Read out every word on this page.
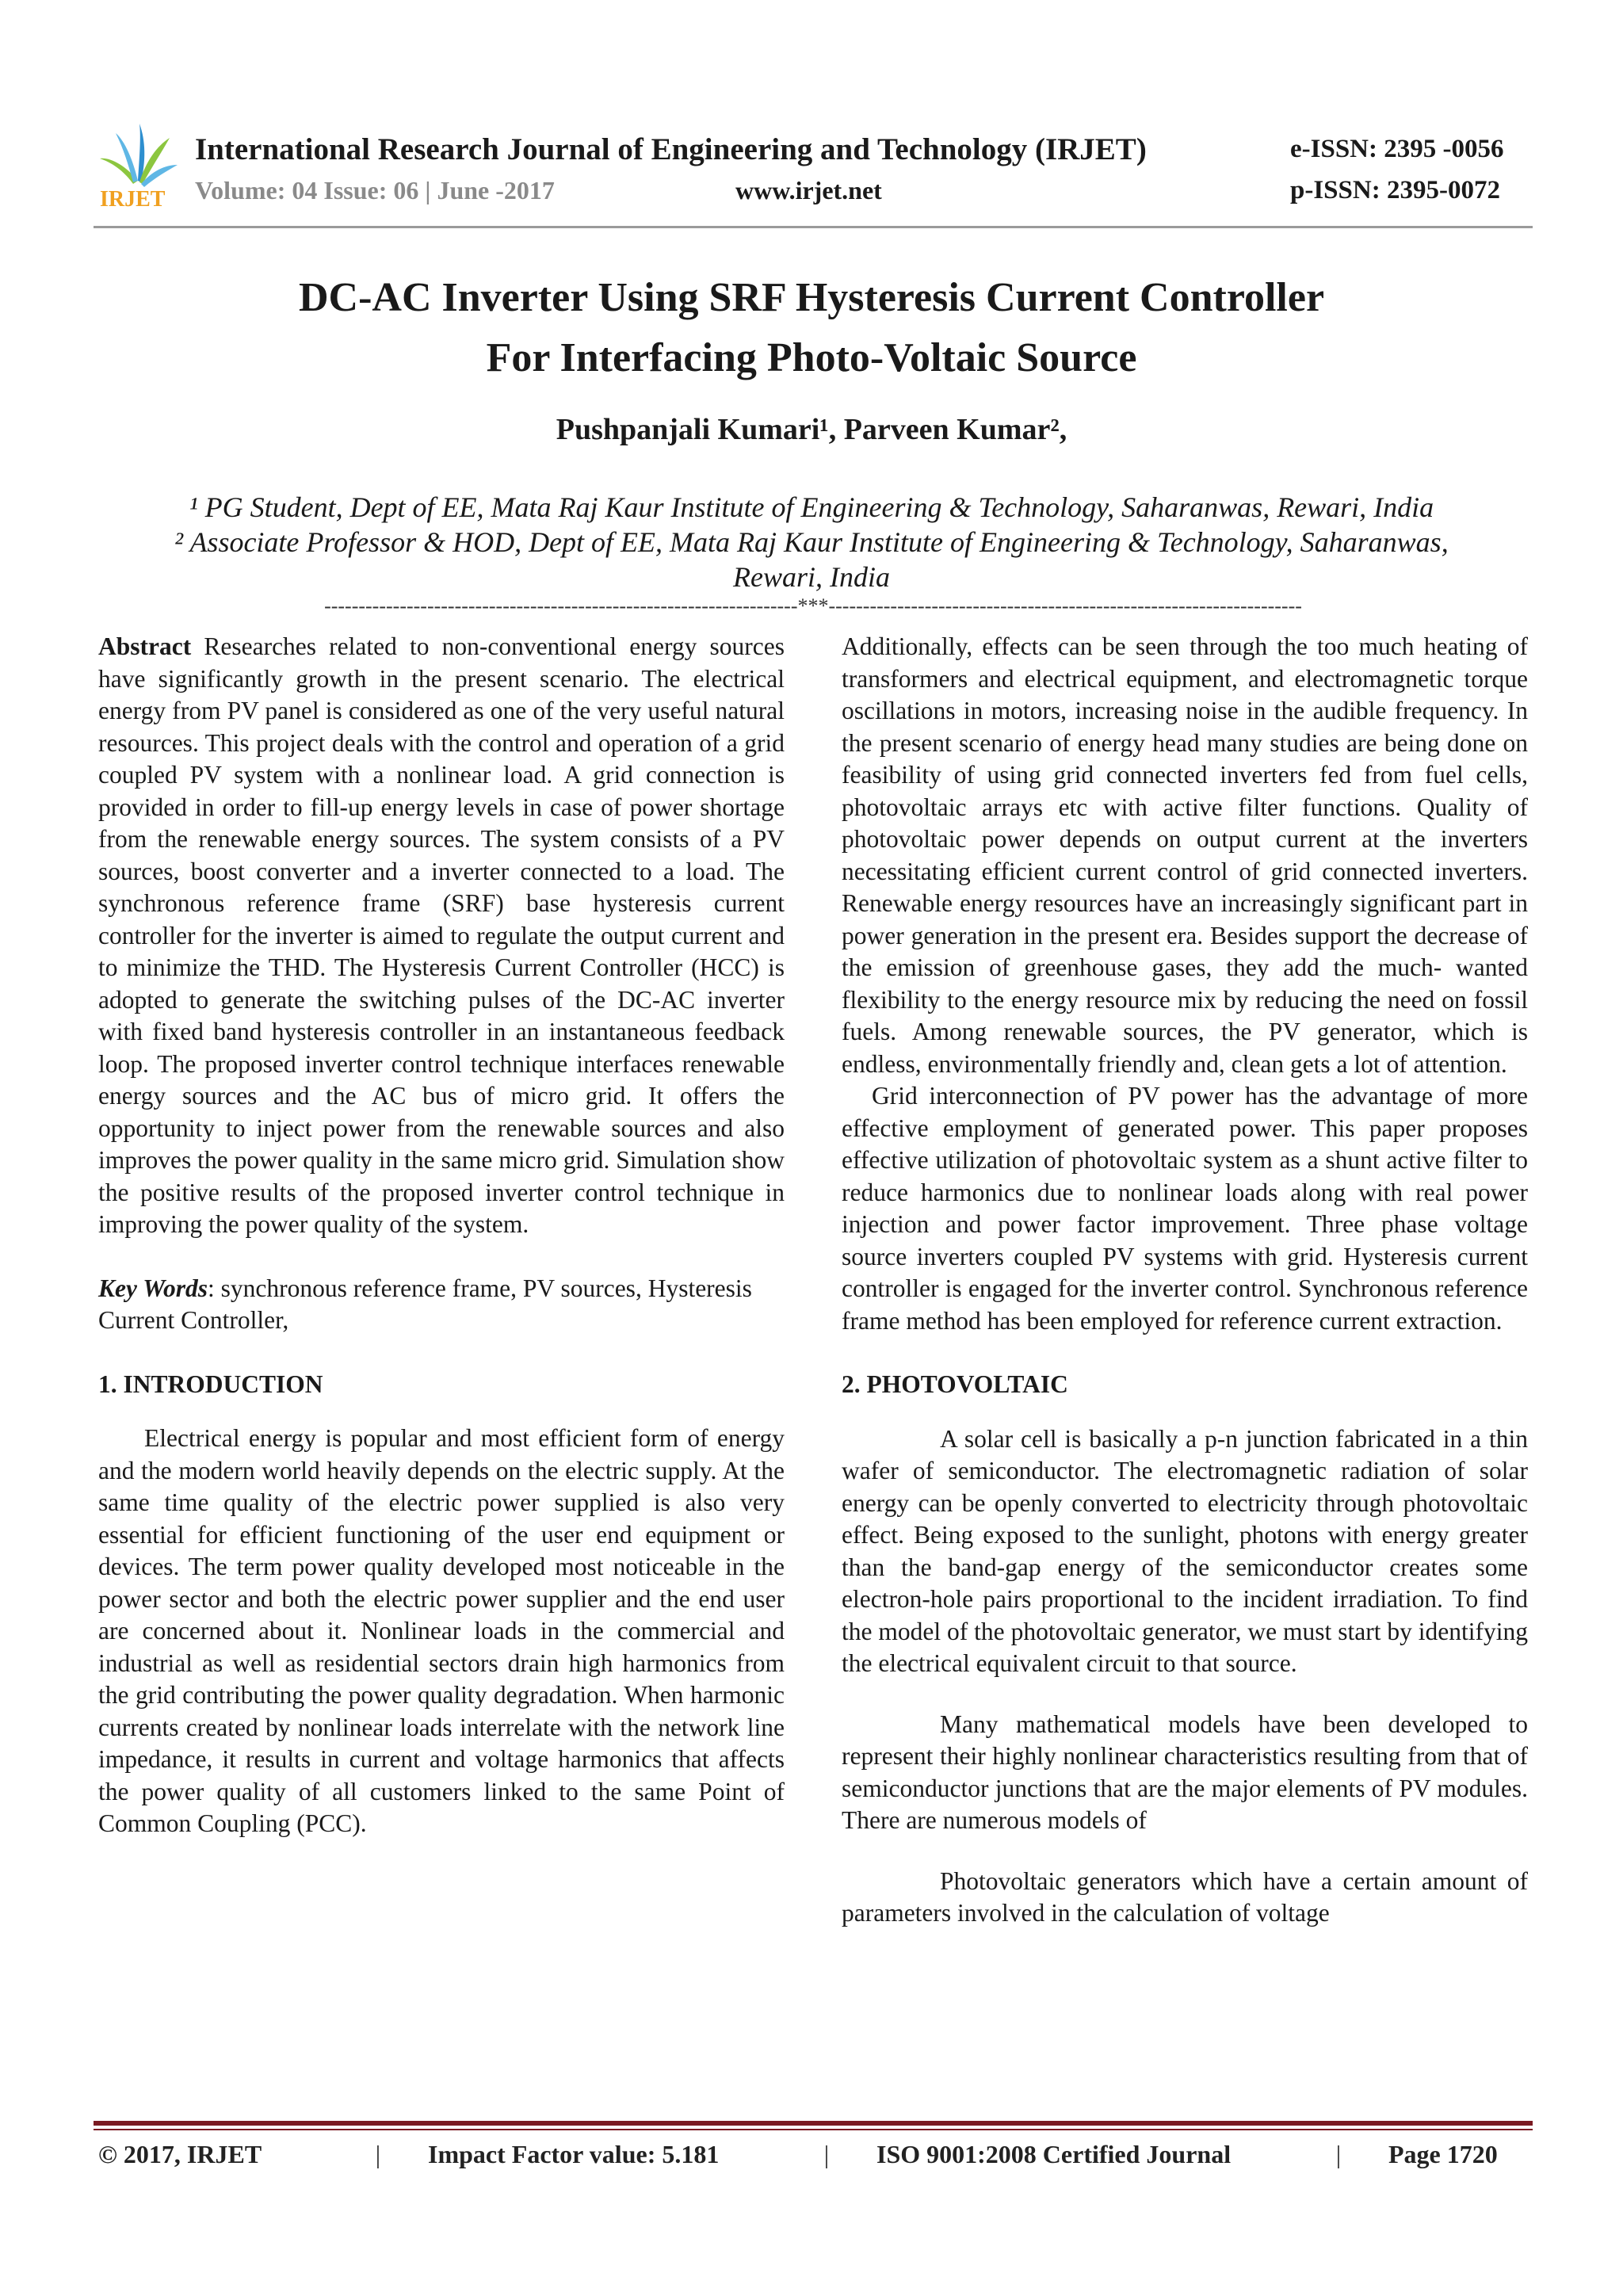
IRJET
International Research Journal of Engineering and Technology (IRJET)
Volume: 04 Issue: 06 | June -2017	www.irjet.net
e-ISSN: 2395 -0056
p-ISSN: 2395-0072
DC-AC Inverter Using SRF Hysteresis Current Controller
For Interfacing Photo-Voltaic Source
Pushpanjali Kumari¹, Parveen Kumar²,
¹ PG Student, Dept of EE, Mata Raj Kaur Institute of Engineering & Technology, Saharanwas, Rewari, India
² Associate Professor & HOD, Dept of EE, Mata Raj Kaur Institute of Engineering & Technology, Saharanwas, Rewari, India
---------------------------------------------------------------------***---------------------------------------------------------------------

Abstract Researches related to non-conventional energy sources have significantly growth in the present scenario. The electrical energy from PV panel is considered as one of the very useful natural resources. This project deals with the control and operation of a grid coupled PV system with a nonlinear load. A grid connection is provided in order to fill-up energy levels in case of power shortage from the renewable energy sources. The system consists of a PV sources, boost converter and a inverter connected to a load. The synchronous reference frame (SRF) base hysteresis current controller for the inverter is aimed to regulate the output current and to minimize the THD. The Hysteresis Current Controller (HCC) is adopted to generate the switching pulses of the DC-AC inverter with fixed band hysteresis controller in an instantaneous feedback loop. The proposed inverter control technique interfaces renewable energy sources and the AC bus of micro grid. It offers the opportunity to inject power from the renewable sources and also improves the power quality in the same micro grid. Simulation show the positive results of the proposed inverter control technique in improving the power quality of the system.

Key Words: synchronous reference frame, PV sources, Hysteresis Current Controller,

1. INTRODUCTION

Electrical energy is popular and most efficient form of energy and the modern world heavily depends on the electric supply. At the same time quality of the electric power supplied is also very essential for efficient functioning of the user end equipment or devices. The term power quality developed most noticeable in the power sector and both the electric power supplier and the end user are concerned about it. Nonlinear loads in the commercial and industrial as well as residential sectors drain high harmonics from the grid contributing the power quality degradation. When harmonic currents created by nonlinear loads interrelate with the network line impedance, it results in current and voltage harmonics that affects the power quality of all customers linked to the same Point of Common Coupling (PCC).

Additionally, effects can be seen through the too much heating of transformers and electrical equipment, and electromagnetic torque oscillations in motors, increasing noise in the audible frequency. In the present scenario of energy head many studies are being done on feasibility of using grid connected inverters fed from fuel cells, photovoltaic arrays etc with active filter functions. Quality of photovoltaic power depends on output current at the inverters necessitating efficient current control of grid connected inverters. Renewable energy resources have an increasingly significant part in power generation in the present era. Besides support the decrease of the emission of greenhouse gases, they add the much- wanted flexibility to the energy resource mix by reducing the need on fossil fuels. Among renewable sources, the PV generator, which is endless, environmentally friendly and, clean gets a lot of attention.

Grid interconnection of PV power has the advantage of more effective employment of generated power. This paper proposes effective utilization of photovoltaic system as a shunt active filter to reduce harmonics due to nonlinear loads along with real power injection and power factor improvement. Three phase voltage source inverters coupled PV systems with grid. Hysteresis current controller is engaged for the inverter control. Synchronous reference frame method has been employed for reference current extraction.

2. PHOTOVOLTAIC

A solar cell is basically a p-n junction fabricated in a thin wafer of semiconductor. The electromagnetic radiation of solar energy can be openly converted to electricity through photovoltaic effect. Being exposed to the sunlight, photons with energy greater than the band-gap energy of the semiconductor creates some electron-hole pairs proportional to the incident irradiation. To find the model of the photovoltaic generator, we must start by identifying the electrical equivalent circuit to that source.

Many mathematical models have been developed to represent their highly nonlinear characteristics resulting from that of semiconductor junctions that are the major elements of PV modules. There are numerous models of

Photovoltaic generators which have a certain amount of parameters involved in the calculation of voltage

© 2017, IRJET	| Impact Factor value: 5.181	| ISO 9001:2008 Certified Journal	| Page 1720
